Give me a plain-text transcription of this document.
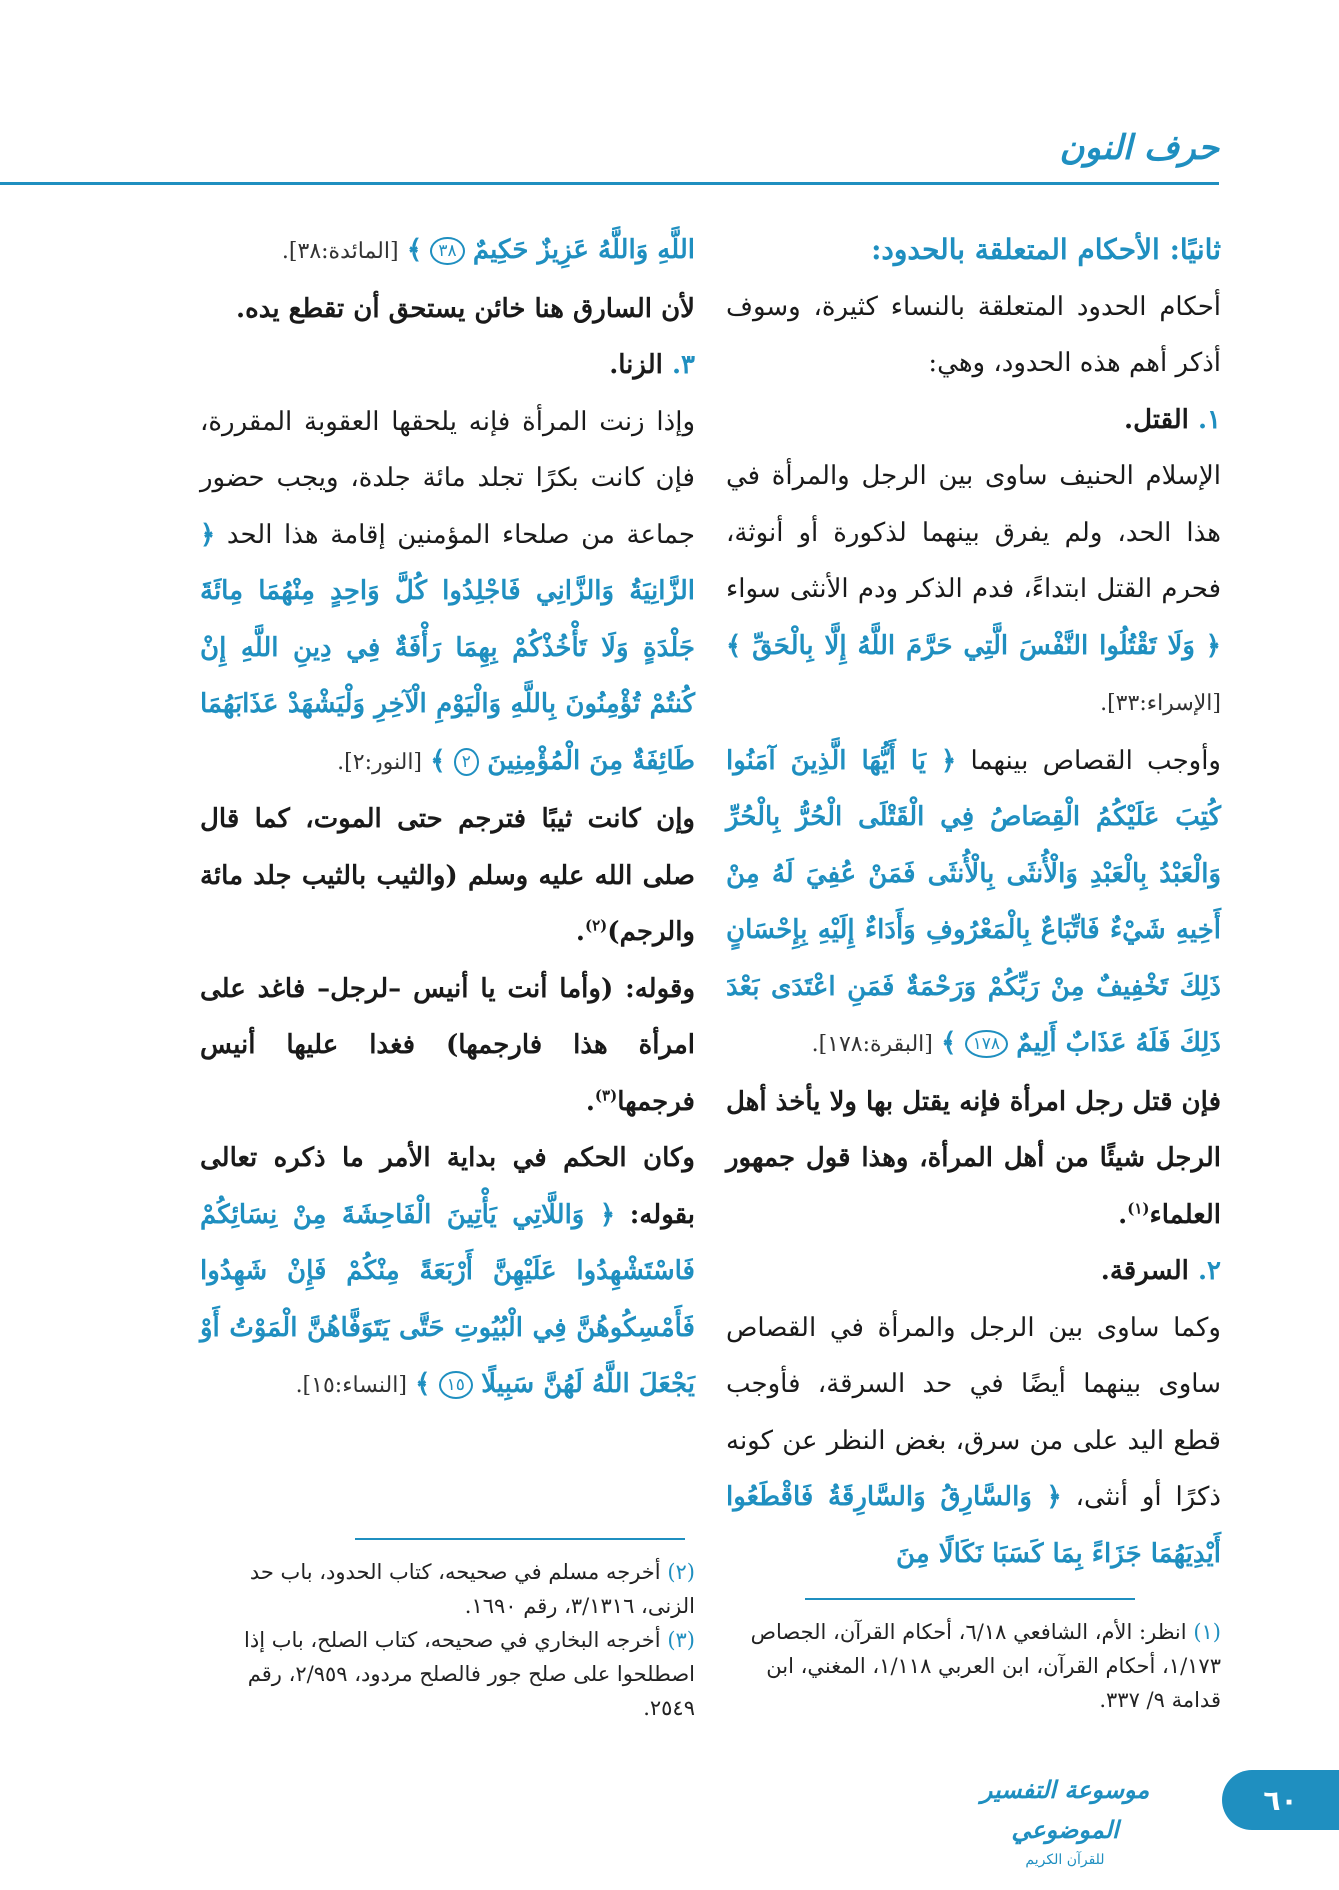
حرف النون

ثانيًا: الأحكام المتعلقة بالحدود:

أحكام الحدود المتعلقة بالنساء كثيرة، وسوف أذكر أهم هذه الحدود، وهي:

١. القتل.

الإسلام الحنيف ساوى بين الرجل والمرأة في هذا الحد، ولم يفرق بينهما لذكورة أو أنوثة، فحرم القتل ابتداءً، فدم الذكر ودم الأنثى سواء ﴿ وَلَا تَقْتُلُوا النَّفْسَ الَّتِي حَرَّمَ اللَّهُ إِلَّا بِالْحَقِّ ﴾ [الإسراء:٣٣].

وأوجب القصاص بينهما ﴿ يَا أَيُّهَا الَّذِينَ آمَنُوا كُتِبَ عَلَيْكُمُ الْقِصَاصُ فِي الْقَتْلَى الْحُرُّ بِالْحُرِّ وَالْعَبْدُ بِالْعَبْدِ وَالْأُنثَى بِالْأُنثَى فَمَنْ عُفِيَ لَهُ مِنْ أَخِيهِ شَيْءٌ فَاتِّبَاعٌ بِالْمَعْرُوفِ وَأَدَاءٌ إِلَيْهِ بِإِحْسَانٍ ذَلِكَ تَخْفِيفٌ مِنْ رَبِّكُمْ وَرَحْمَةٌ فَمَنِ اعْتَدَى بَعْدَ ذَلِكَ فَلَهُ عَذَابٌ أَلِيمٌ ١٧٨ ﴾ [البقرة:١٧٨].

فإن قتل رجل امرأة فإنه يقتل بها ولا يأخذ أهل الرجل شيئًا من أهل المرأة، وهذا قول جمهور العلماء$^{(١)}$.

٢. السرقة.

وكما ساوى بين الرجل والمرأة في القصاص ساوى بينهما أيضًا في حد السرقة، فأوجب قطع اليد على من سرق، بغض النظر عن كونه ذكرًا أو أنثى، ﴿ وَالسَّارِقُ وَالسَّارِقَةُ فَاقْطَعُوا أَيْدِيَهُمَا جَزَاءً بِمَا كَسَبَا نَكَالًا مِنَ

اللَّهِ وَاللَّهُ عَزِيزٌ حَكِيمٌ ٣٨ ﴾ [المائدة:٣٨].

لأن السارق هنا خائن يستحق أن تقطع يده.

٣. الزنا.

وإذا زنت المرأة فإنه يلحقها العقوبة المقررة، فإن كانت بكرًا تجلد مائة جلدة، ويجب حضور جماعة من صلحاء المؤمنين إقامة هذا الحد ﴿ الزَّانِيَةُ وَالزَّانِي فَاجْلِدُوا كُلَّ وَاحِدٍ مِنْهُمَا مِائَةَ جَلْدَةٍ وَلَا تَأْخُذْكُمْ بِهِمَا رَأْفَةٌ فِي دِينِ اللَّهِ إِنْ كُنتُمْ تُؤْمِنُونَ بِاللَّهِ وَالْيَوْمِ الْآخِرِ وَلْيَشْهَدْ عَذَابَهُمَا طَائِفَةٌ مِنَ الْمُؤْمِنِينَ ٢ ﴾ [النور:٢].

وإن كانت ثيبًا فترجم حتى الموت، كما قال صلى الله عليه وسلم (والثيب بالثيب جلد مائة والرجم)$^{(٢)}$.

وقوله: (وأما أنت يا أنيس –لرجل– فاغد على امرأة هذا فارجمها) فغدا عليها أنيس فرجمها$^{(٣)}$.

وكان الحكم في بداية الأمر ما ذكره تعالى بقوله: ﴿ وَاللَّاتِي يَأْتِينَ الْفَاحِشَةَ مِنْ نِسَائِكُمْ فَاسْتَشْهِدُوا عَلَيْهِنَّ أَرْبَعَةً مِنْكُمْ فَإِنْ شَهِدُوا فَأَمْسِكُوهُنَّ فِي الْبُيُوتِ حَتَّى يَتَوَفَّاهُنَّ الْمَوْتُ أَوْ يَجْعَلَ اللَّهُ لَهُنَّ سَبِيلًا ١٥ ﴾ [النساء:١٥].

(٢) أخرجه مسلم في صحيحه، كتاب الحدود، باب حد الزنى، ٣/١٣١٦، رقم ١٦٩٠.

(٣) أخرجه البخاري في صحيحه، كتاب الصلح، باب إذا اصطلحوا على صلح جور فالصلح مردود، ٢/٩٥٩، رقم ٢٥٤٩.

(١) انظر: الأم، الشافعي ٦/١٨، أحكام القرآن، الجصاص ١/١٧٣، أحكام القرآن، ابن العربي ١/١١٨، المغني، ابن قدامة ٩/ ٣٣٧.

موسوعة التفسير الموضوعي
للقرآن الكريم
٦٠
